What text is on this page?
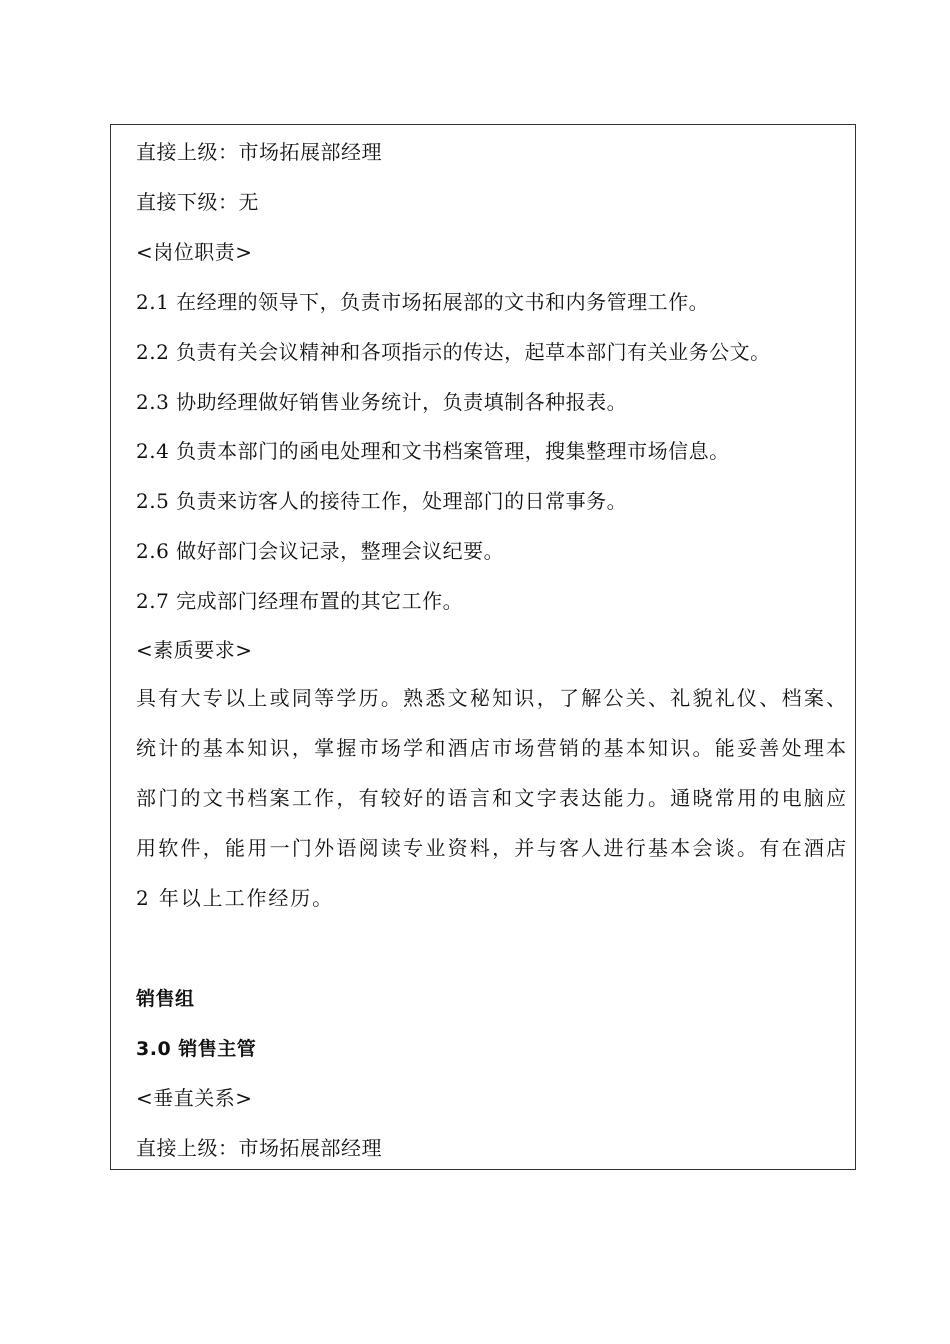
直接上级：市场拓展部经理
直接下级：无
<岗位职责>
2.1 在经理的领导下，负责市场拓展部的文书和内务管理工作。
2.2 负责有关会议精神和各项指示的传达，起草本部门有关业务公文。
2.3 协助经理做好销售业务统计，负责填制各种报表。
2.4 负责本部门的函电处理和文书档案管理，搜集整理市场信息。
2.5 负责来访客人的接待工作，处理部门的日常事务。
2.6 做好部门会议记录，整理会议纪要。
2.7 完成部门经理布置的其它工作。
<素质要求>
具有大专以上或同等学历。熟悉文秘知识，了解公关、礼貌礼仪、档案、统计的基本知识，掌握市场学和酒店市场营销的基本知识。能妥善处理本部门的文书档案工作，有较好的语言和文字表达能力。通晓常用的电脑应用软件，能用一门外语阅读专业资料，并与客人进行基本会谈。有在酒店 2 年以上工作经历。
销售组
3.0 销售主管
<垂直关系>
直接上级：市场拓展部经理
